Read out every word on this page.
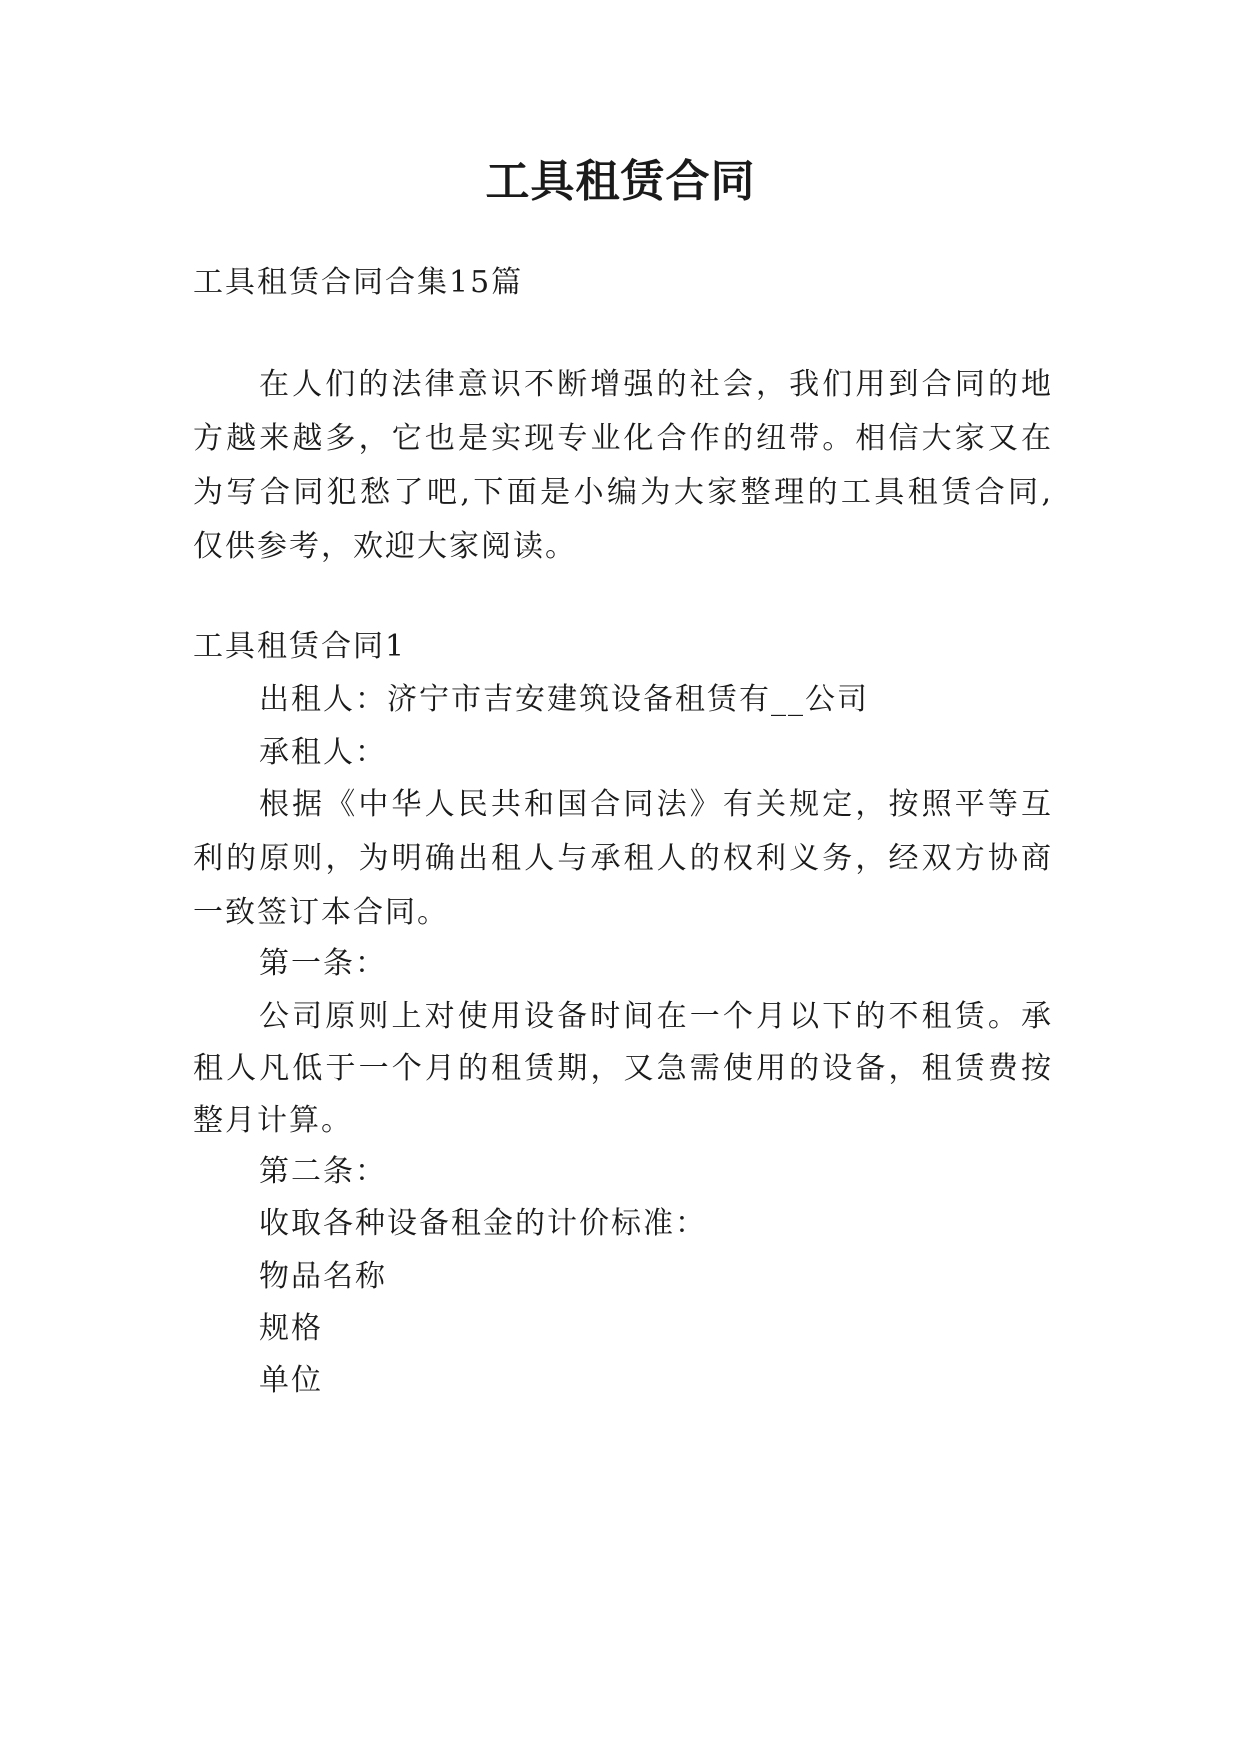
工具租赁合同
工具租赁合同合集15篇
在人们的法律意识不断增强的社会，我们用到合同的地
方越来越多，它也是实现专业化合作的纽带。相信大家又在
为写合同犯愁了吧,下面是小编为大家整理的工具租赁合同,
仅供参考，欢迎大家阅读。
工具租赁合同1
出租人：济宁市吉安建筑设备租赁有__公司
承租人：
根据《中华人民共和国合同法》有关规定，按照平等互
利的原则，为明确出租人与承租人的权利义务，经双方协商
一致签订本合同。
第一条：
公司原则上对使用设备时间在一个月以下的不租赁。承
租人凡低于一个月的租赁期，又急需使用的设备，租赁费按
整月计算。
第二条：
收取各种设备租金的计价标准：
物品名称
规格
单位
